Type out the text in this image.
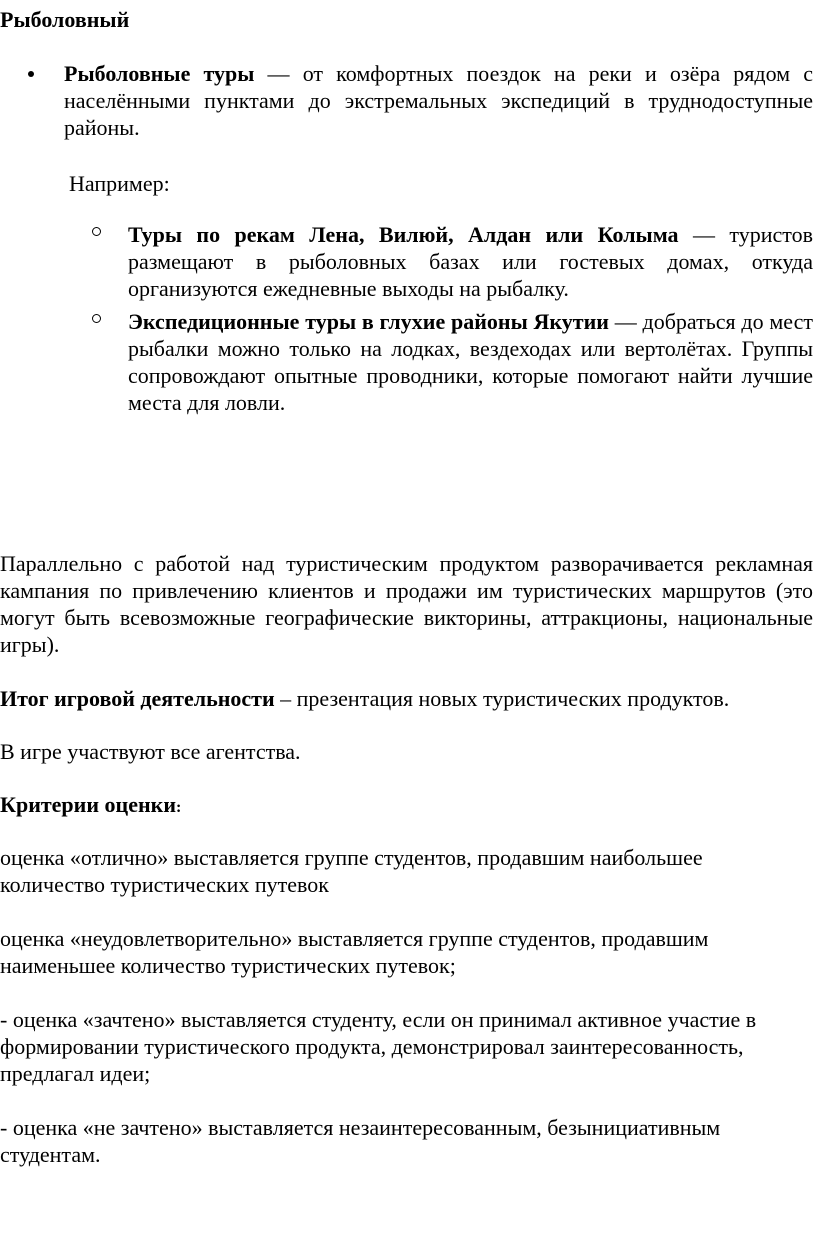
Рыболовный
Рыболовные туры — от комфортных поездок на реки и озёра рядом с населёнными пунктами до экстремальных экспедиций в труднодоступные районы.
Например:
Туры по рекам Лена, Вилюй, Алдан или Колыма — туристов размещают в рыболовных базах или гостевых домах, откуда организуются ежедневные выходы на рыбалку.
Экспедиционные туры в глухие районы Якутии — добраться до мест рыбалки можно только на лодках, вездеходах или вертолётах. Группы сопровождают опытные проводники, которые помогают найти лучшие места для ловли.
Параллельно с работой над туристическим продуктом разворачивается рекламная кампания по привлечению клиентов и продажи им туристических маршрутов (это могут быть всевозможные географические викторины, аттракционы, национальные игры).
Итог игровой деятельности – презентация новых туристических продуктов.
В игре участвуют все агентства.
Критерии оценки:
оценка «отлично» выставляется группе студентов, продавшим наибольшее количество туристических путевок
оценка «неудовлетворительно» выставляется группе студентов, продавшим наименьшее количество туристических путевок;
- оценка «зачтено» выставляется студенту, если он принимал активное участие в формировании туристического продукта, демонстрировал заинтересованность, предлагал идеи;
- оценка «не зачтено» выставляется незаинтересованным, безынициативным студентам.
